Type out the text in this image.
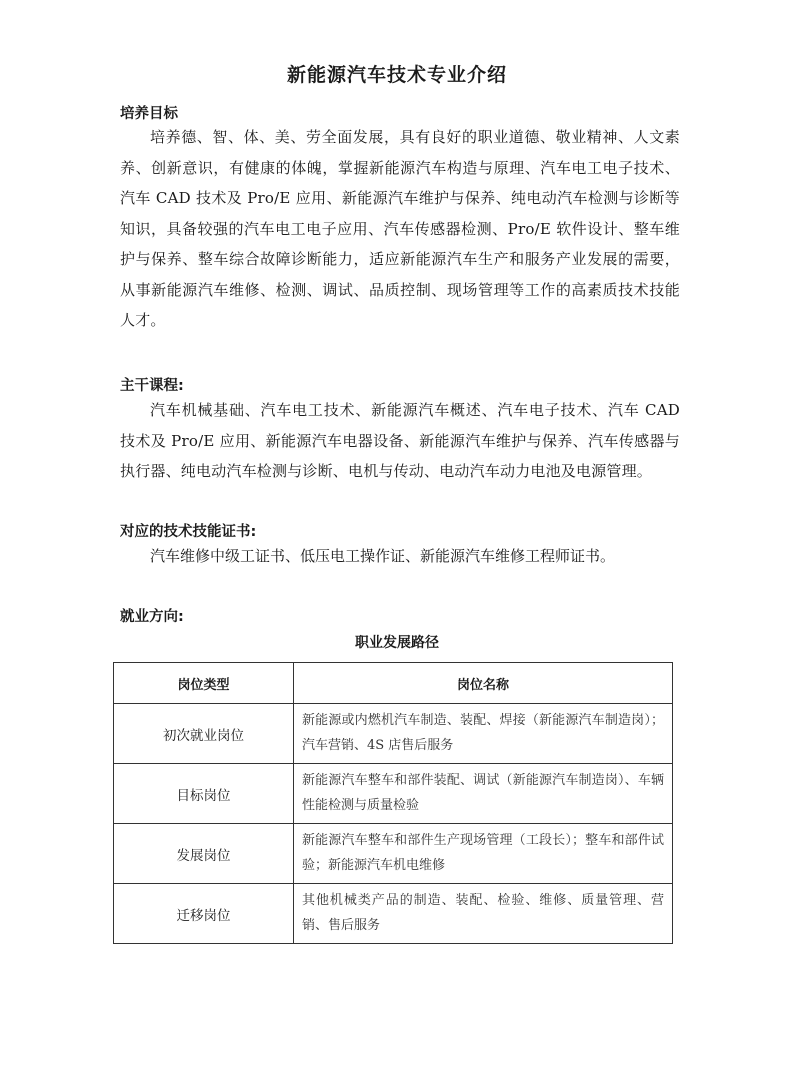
新能源汽车技术专业介绍
培养目标
培养德、智、体、美、劳全面发展，具有良好的职业道德、敬业精神、人文素养、创新意识，有健康的体魄，掌握新能源汽车构造与原理、汽车电工电子技术、汽车 CAD 技术及 Pro/E 应用、新能源汽车维护与保养、纯电动汽车检测与诊断等知识，具备较强的汽车电工电子应用、汽车传感器检测、Pro/E 软件设计、整车维护与保养、整车综合故障诊断能力，适应新能源汽车生产和服务产业发展的需要，从事新能源汽车维修、检测、调试、品质控制、现场管理等工作的高素质技术技能人才。
主干课程:
汽车机械基础、汽车电工技术、新能源汽车概述、汽车电子技术、汽车 CAD 技术及 Pro/E 应用、新能源汽车电器设备、新能源汽车维护与保养、汽车传感器与执行器、纯电动汽车检测与诊断、电机与传动、电动汽车动力电池及电源管理。
对应的技术技能证书:
汽车维修中级工证书、低压电工操作证、新能源汽车维修工程师证书。
就业方向:
职业发展路径
岗位类型	岗位名称
初次就业岗位	新能源或内燃机汽车制造、装配、焊接（新能源汽车制造岗）；汽车营销、4S 店售后服务
目标岗位	新能源汽车整车和部件装配、调试（新能源汽车制造岗）、车辆性能检测与质量检验
发展岗位	新能源汽车整车和部件生产现场管理（工段长）；整车和部件试验；新能源汽车机电维修
迁移岗位	其他机械类产品的制造、装配、检验、维修、质量管理、营销、售后服务
